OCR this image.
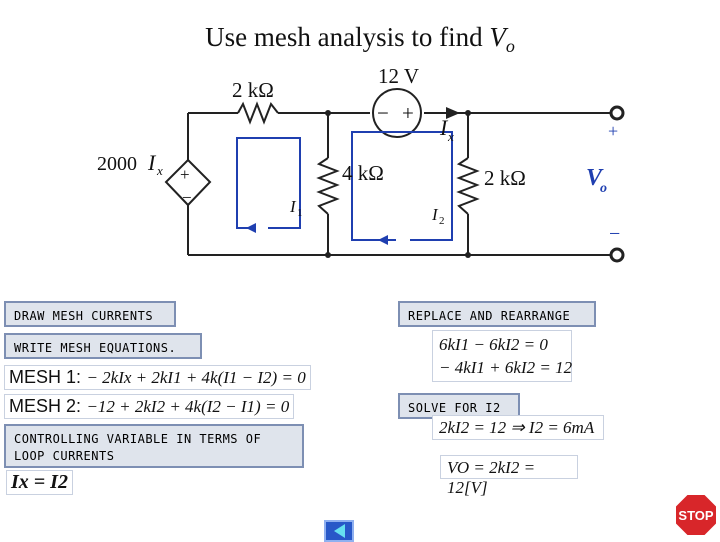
Use mesh analysis to find $V_o$
− +
+
−
2 kΩ
4 kΩ	2 kΩ
12 V
2000 I x
I x
I 1	I 2
+
−
V
o
DRAW MESH CURRENTS
WRITE MESH EQUATIONS.
CONTROLLING VARIABLE IN TERMS OF LOOP CURRENTS
REPLACE AND REARRANGE
SOLVE FOR I2
MESH 1: − 2kIx + 2kI1 + 4k(I1 − I2) = 0
MESH 2: −12 + 2kI2 + 4k(I2 − I1) = 0
Ix = I2
6kI1 − 6kI2 = 0
− 4kI1 + 6kI2 = 12
2kI2 = 12 ⇒ I2 = 6mA
VO = 2kI2 = 12[V]
STOP
